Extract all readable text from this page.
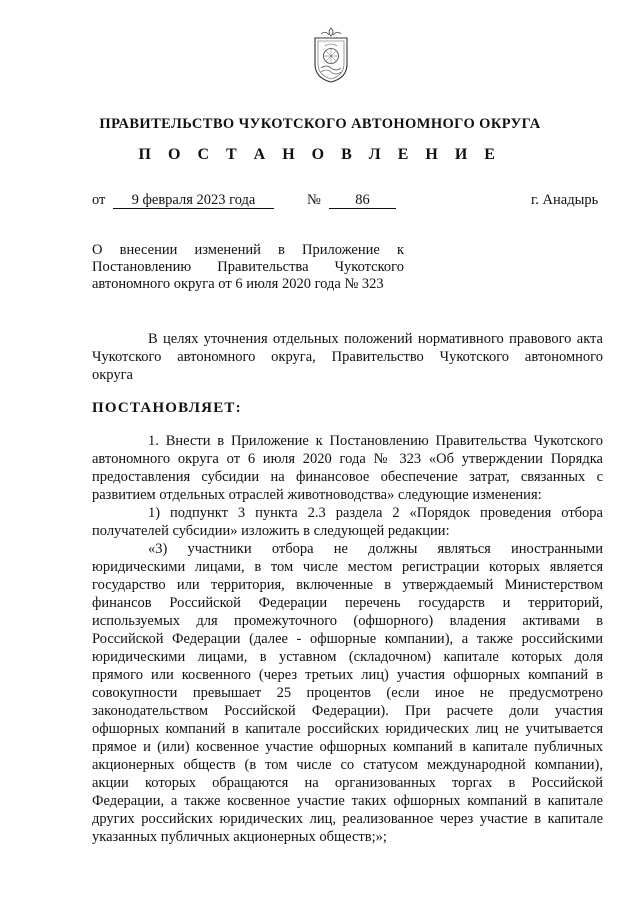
ПРАВИТЕЛЬСТВО ЧУКОТСКОГО АВТОНОМНОГО ОКРУГА
П О С Т А Н О В Л Е Н И Е
от	9 февраля 2023 года	№	86	г. Анадырь
О внесении изменений в Приложение к
Постановлению Правительства Чукотского
автономного округа от 6 июля 2020 года № 323
В целях уточнения отдельных положений нормативного правового акта
Чукотского автономного округа, Правительство Чукотского автономного
округа
ПОСТАНОВЛЯЕТ:
1. Внести в Приложение к Постановлению Правительства Чукотского
автономного округа от 6 июля 2020 года № 323 «Об утверждении Порядка
предоставления субсидии на финансовое обеспечение затрат, связанных с
развитием отдельных отраслей животноводства» следующие изменения:
1) подпункт 3 пункта 2.3 раздела 2 «Порядок проведения отбора
получателей субсидии» изложить в следующей редакции:
«3) участники отбора не должны являться иностранными
юридическими лицами, в том числе местом регистрации которых является
государство или территория, включенные в утверждаемый Министерством
финансов Российской Федерации перечень государств и территорий,
используемых для промежуточного (офшорного) владения активами в
Российской Федерации (далее - офшорные компании), а также российскими
юридическими лицами, в уставном (складочном) капитале которых доля
прямого или косвенного (через третьих лиц) участия офшорных компаний в
совокупности превышает 25 процентов (если иное не предусмотрено
законодательством Российской Федерации). При расчете доли участия
офшорных компаний в капитале российских юридических лиц не учитывается
прямое и (или) косвенное участие офшорных компаний в капитале публичных
акционерных обществ (в том числе со статусом международной компании),
акции которых обращаются на организованных торгах в Российской
Федерации, а также косвенное участие таких офшорных компаний в капитале
других российских юридических лиц, реализованное через участие в капитале
указанных публичных акционерных обществ;»;
